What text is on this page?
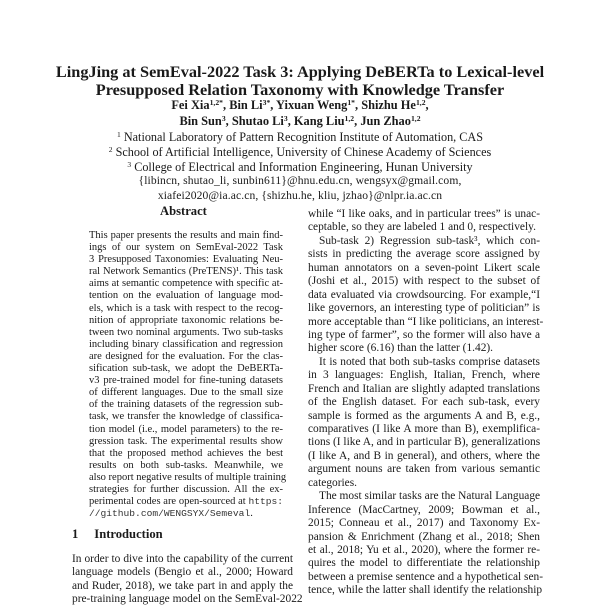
LingJing at SemEval-2022 Task 3: Applying DeBERTa to Lexical-level
Presupposed Relation Taxonomy with Knowledge Transfer
Fei Xia$^{1,2*}$, Bin $Li^{3*}$, Yixuan Weng$^{1*}$, Shizhu He$^{1,2}$,
Bin Sun$^3$, Shutao Li$^3$, Kang Liu$^{1,2}$, Jun Zhao$^{1,2}$
$^1$ National Laboratory of Pattern Recognition Institute of Automation, CAS
$^2$ School of Artificial Intelligence, University of Chinese Academy of Sciences
$^3$ College of Electrical and Information Engineering, Hunan University
{libincn, shutao_li, sunbin611}@hnu.edu.cn, wengsyx@gmail.com,
xiafei2020@ia.ac.cn, {shizhu.he, kliu, jzhao}@nlpr.ia.ac.cn
Abstract
This paper presents the results and main find-
ings of our system on SemEval-2022 Task
3 Presupposed Taxonomies: Evaluating Neu-
ral Network Semantics (PreTENS)¹. This task
aims at semantic competence with specific at-
tention on the evaluation of language mod-
els, which is a task with respect to the recog-
nition of appropriate taxonomic relations be-
tween two nominal arguments. Two sub-tasks
including binary classification and regression
are designed for the evaluation. For the clas-
sification sub-task, we adopt the DeBERTa-
v3 pre-trained model for fine-tuning datasets
of different languages. Due to the small size
of the training datasets of the regression sub-
task, we transfer the knowledge of classifica-
tion model (i.e., model parameters) to the re-
gression task. The experimental results show
that the proposed method achieves the best
results on both sub-tasks. Meanwhile, we
also report negative results of multiple training
strategies for further discussion. All the ex-
perimental codes are open-sourced at https:
//github.com/WENGSYX/Semeval.
1 Introduction
In order to dive into the capability of the current
language models (Bengio et al., 2000; Howard
and Ruder, 2018), we take part in and apply the
pre-training language model on the SemEval-2022
while “I like oaks, and in particular trees” is unac-
ceptable, so they are labeled 1 and 0, respectively.
Sub-task 2) Regression sub-task³, which con-
sists in predicting the average score assigned by
human annotators on a seven-point Likert scale
(Joshi et al., 2015) with respect to the subset of
data evaluated via crowdsourcing. For example,“I
like governors, an interesting type of politician” is
more acceptable than “I like politicians, an interest-
ing type of farmer”, so the former will also have a
higher score (6.16) than the latter (1.42).
It is noted that both sub-tasks comprise datasets
in 3 languages: English, Italian, French, where
French and Italian are slightly adapted translations
of the English dataset. For each sub-task, every
sample is formed as the arguments A and B, e.g.,
comparatives (I like A more than B), exemplifica-
tions (I like A, and in particular B), generalizations
(I like A, and B in general), and others, where the
argument nouns are taken from various semantic
categories.
The most similar tasks are the Natural Language
Inference (MacCartney, 2009; Bowman et al.,
2015; Conneau et al., 2017) and Taxonomy Ex-
pansion & Enrichment (Zhang et al., 2018; Shen
et al., 2018; Yu et al., 2020), where the former re-
quires the model to differentiate the relationship
between a premise sentence and a hypothetical sen-
tence, while the latter shall identify the relationship
